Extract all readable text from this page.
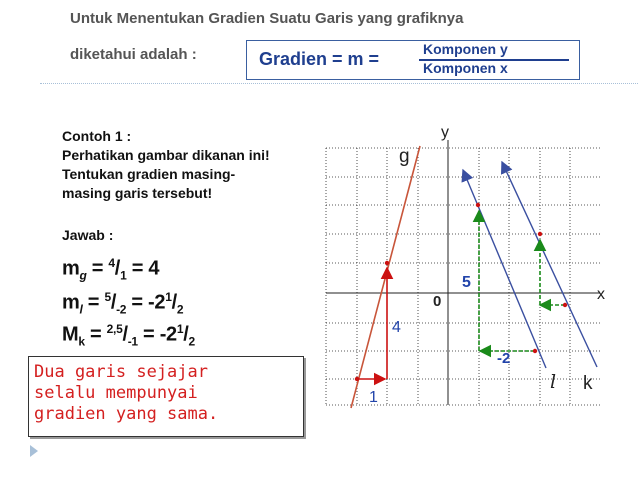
Untuk Menentukan Gradien Suatu Garis yang grafiknya
diketahui adalah :	Gradien = m =	Komponen y
Komponen x
Contoh 1 :
Perhatikan gambar dikanan ini!
Tentukan gradien masing-
masing garis tersebut!
Jawab :
$m_g = ^4/_1 = 4$
$m_l = ^5/_{-2} = -2^1/_2$
$M_k = ^{2,5}/_{-1} = -2^1/_2$
Dua garis sejajar
selalu mempunyai
gradien yang sama.
x
y
0
g
l k
1
4
5
-2
